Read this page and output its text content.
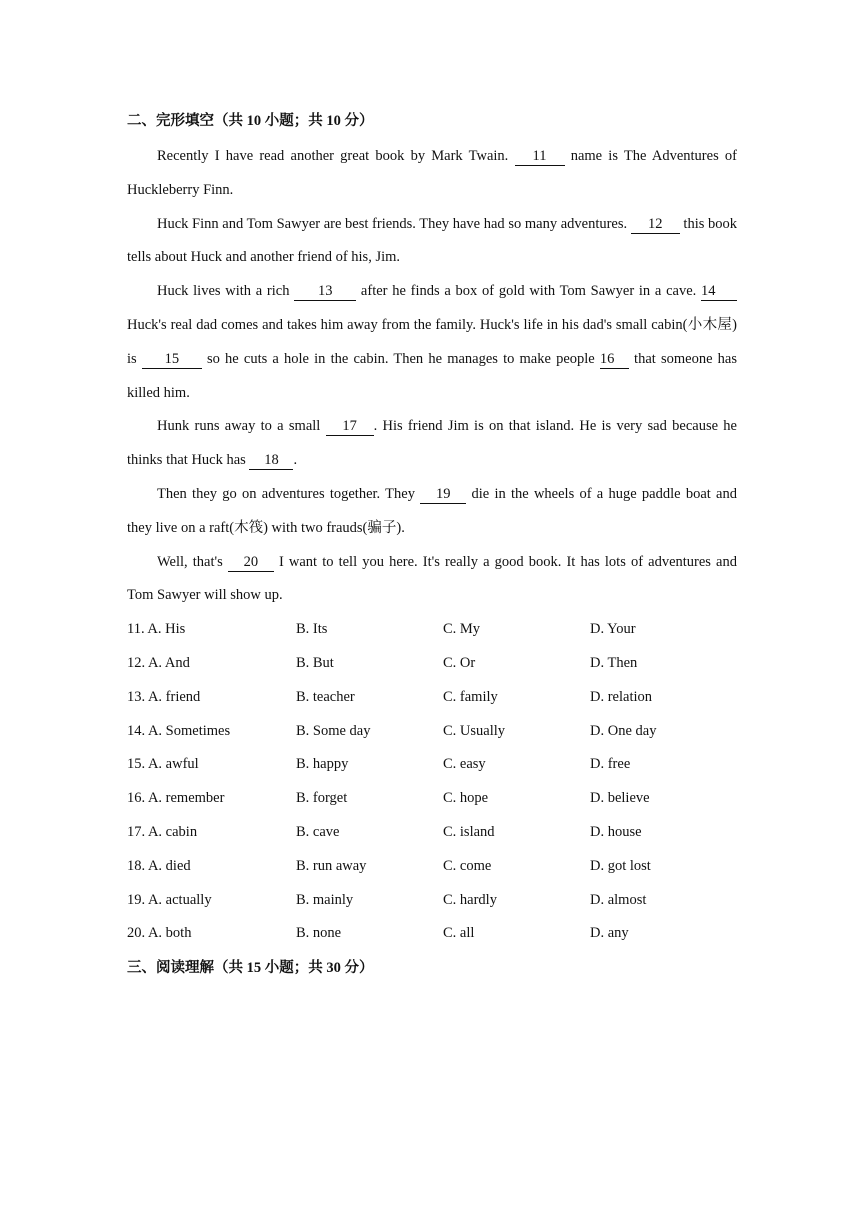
二、完形填空（共 10 小题；共 10 分）
Recently I have read another great book by Mark Twain. 11 name is The Adventures of Huckleberry Finn.
Huck Finn and Tom Sawyer are best friends. They have had so many adventures. 12 this book tells about Huck and another friend of his, Jim.
Huck lives with a rich 13 after he finds a box of gold with Tom Sawyer in a cave. 14 Huck's real dad comes and takes him away from the family. Huck's life in his dad's small cabin(小木屋) is 15 so he cuts a hole in the cabin. Then he manages to make people 16 that someone has killed him.
Hunk runs away to a small 17 . His friend Jim is on that island. He is very sad because he thinks that Huck has 18 .
Then they go on adventures together. They 19 die in the wheels of a huge paddle boat and they live on a raft(木筏) with two frauds(骗子).
Well, that's 20 I want to tell you here. It's really a good book. It has lots of adventures and Tom Sawyer will show up.
11. A. His	B. Its	C. My	D. Your
12. A. And	B. But	C. Or	D. Then
13. A. friend	B. teacher	C. family	D. relation
14. A. Sometimes	B. Some day	C. Usually	D. One day
15. A. awful	B. happy	C. easy	D. free
16. A. remember	B. forget	C. hope	D. believe
17. A. cabin	B. cave	C. island	D. house
18. A. died	B. run away	C. come	D. got lost
19. A. actually	B. mainly	C. hardly	D. almost
20. A. both	B. none	C. all	D. any
三、阅读理解（共 15 小题；共 30 分）
